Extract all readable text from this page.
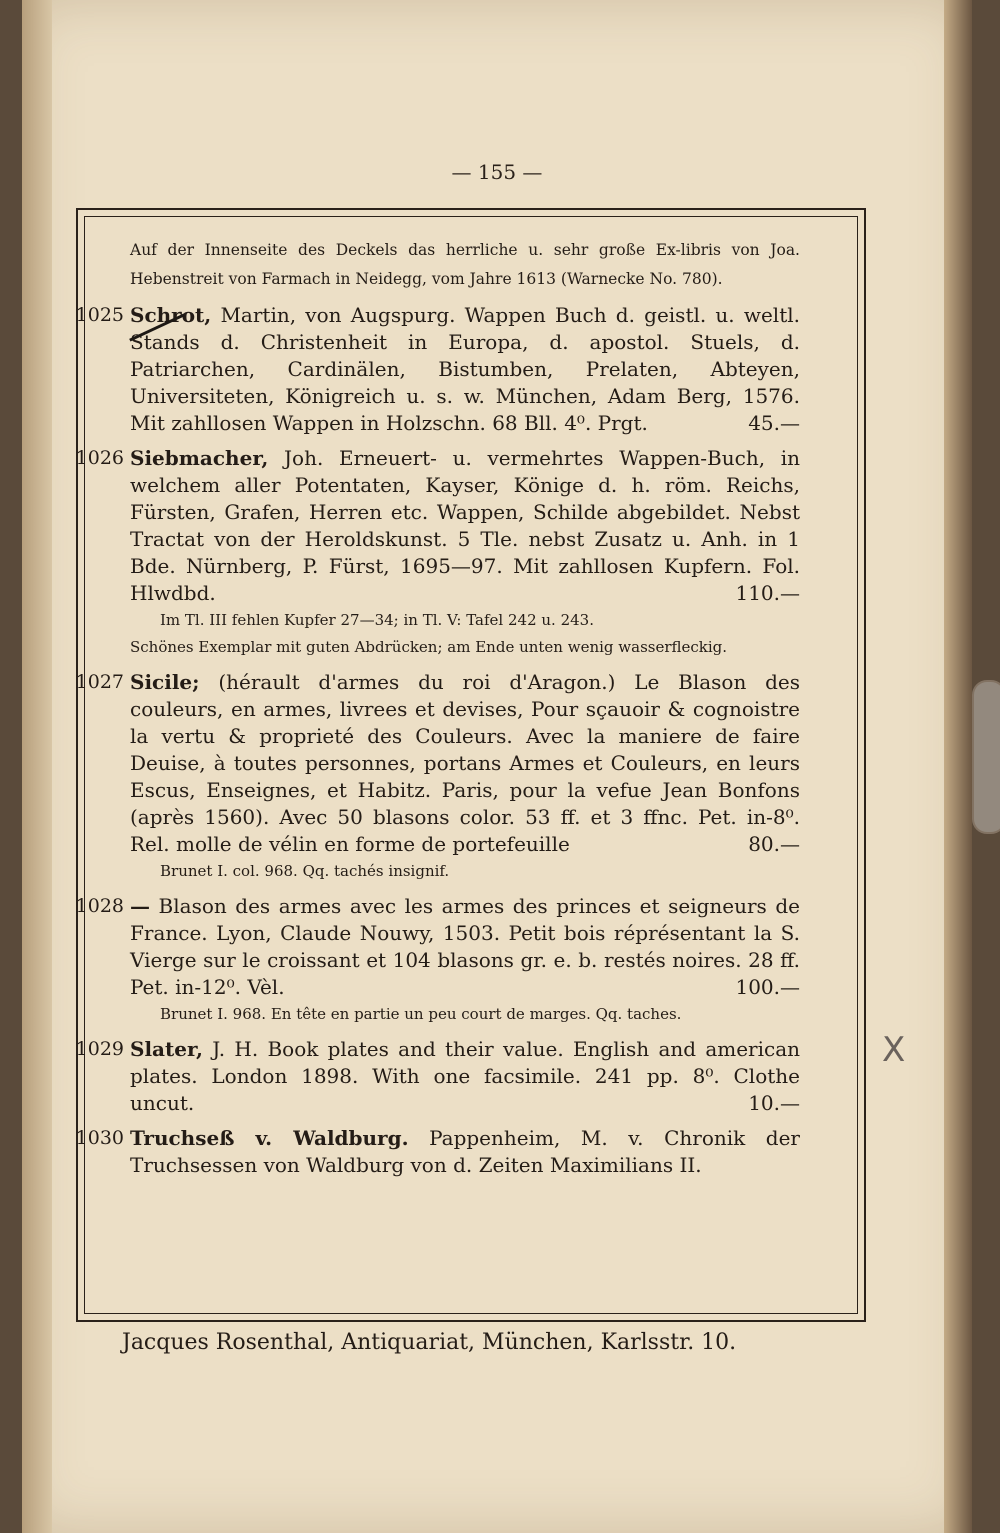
— 155 —
Auf der Innenseite des Deckels das herrliche u. sehr große Ex-libris von Joa. Hebenstreit von Farmach in Neidegg, vom Jahre 1613 (Warnecke No. 780).
1025 Schrot, Martin, von Augspurg. Wappen Buch d. geistl. u. weltl. Stands d. Christenheit in Europa, d. apostol. Stuels, d. Patriarchen, Cardinälen, Bistumben, Prelaten, Abteyen, Universiteten, Königreich u. s. w. München, Adam Berg, 1576. Mit zahllosen Wappen in Holzschn. 68 Bll. 4⁰. Prgt.	45.—
1026 Siebmacher, Joh. Erneuert- u. vermehrtes Wappen-Buch, in welchem aller Potentaten, Kayser, Könige d. h. röm. Reichs, Fürsten, Grafen, Herren etc. Wappen, Schilde abgebildet. Nebst Tractat von der Heroldskunst. 5 Tle. nebst Zusatz u. Anh. in 1 Bde. Nürnberg, P. Fürst, 1695—97. Mit zahllosen Kupfern. Fol. Hlwdbd.	110.—
Im Tl. III fehlen Kupfer 27—34; in Tl. V: Tafel 242 u. 243.
Schönes Exemplar mit guten Abdrücken; am Ende unten wenig wasserfleckig.
1027 Sicile; (hérault d'armes du roi d'Aragon.) Le Blason des couleurs, en armes, livrees et devises, Pour sçauoir & cognoistre la vertu & proprieté des Couleurs. Avec la maniere de faire Deuise, à toutes personnes, portans Armes et Couleurs, en leurs Escus, Enseignes, et Habitz. Paris, pour la vefue Jean Bonfons (après 1560). Avec 50 blasons color. 53 ff. et 3 ffnc. Pet. in-8⁰. Rel. molle de vélin en forme de portefeuille	80.—
Brunet I. col. 968. Qq. tachés insignif.
1028 — Blason des armes avec les armes des princes et seigneurs de France. Lyon, Claude Nouwy, 1503. Petit bois réprésentant la S. Vierge sur le croissant et 104 blasons gr. e. b. restés noires. 28 ff. Pet. in-12⁰. Vèl.	100.—
Brunet I. 968. En tête en partie un peu court de marges. Qq. taches.
1029 Slater, J. H. Book plates and their value. English and american plates. London 1898. With one facsimile. 241 pp. 8⁰. Clothe uncut.	10.—
1030 Truchseß v. Waldburg. Pappenheim, M. v. Chronik der Truchsessen von Waldburg von d. Zeiten Maximilians II.
X
Jacques Rosenthal, Antiquariat, München, Karlsstr. 10.
